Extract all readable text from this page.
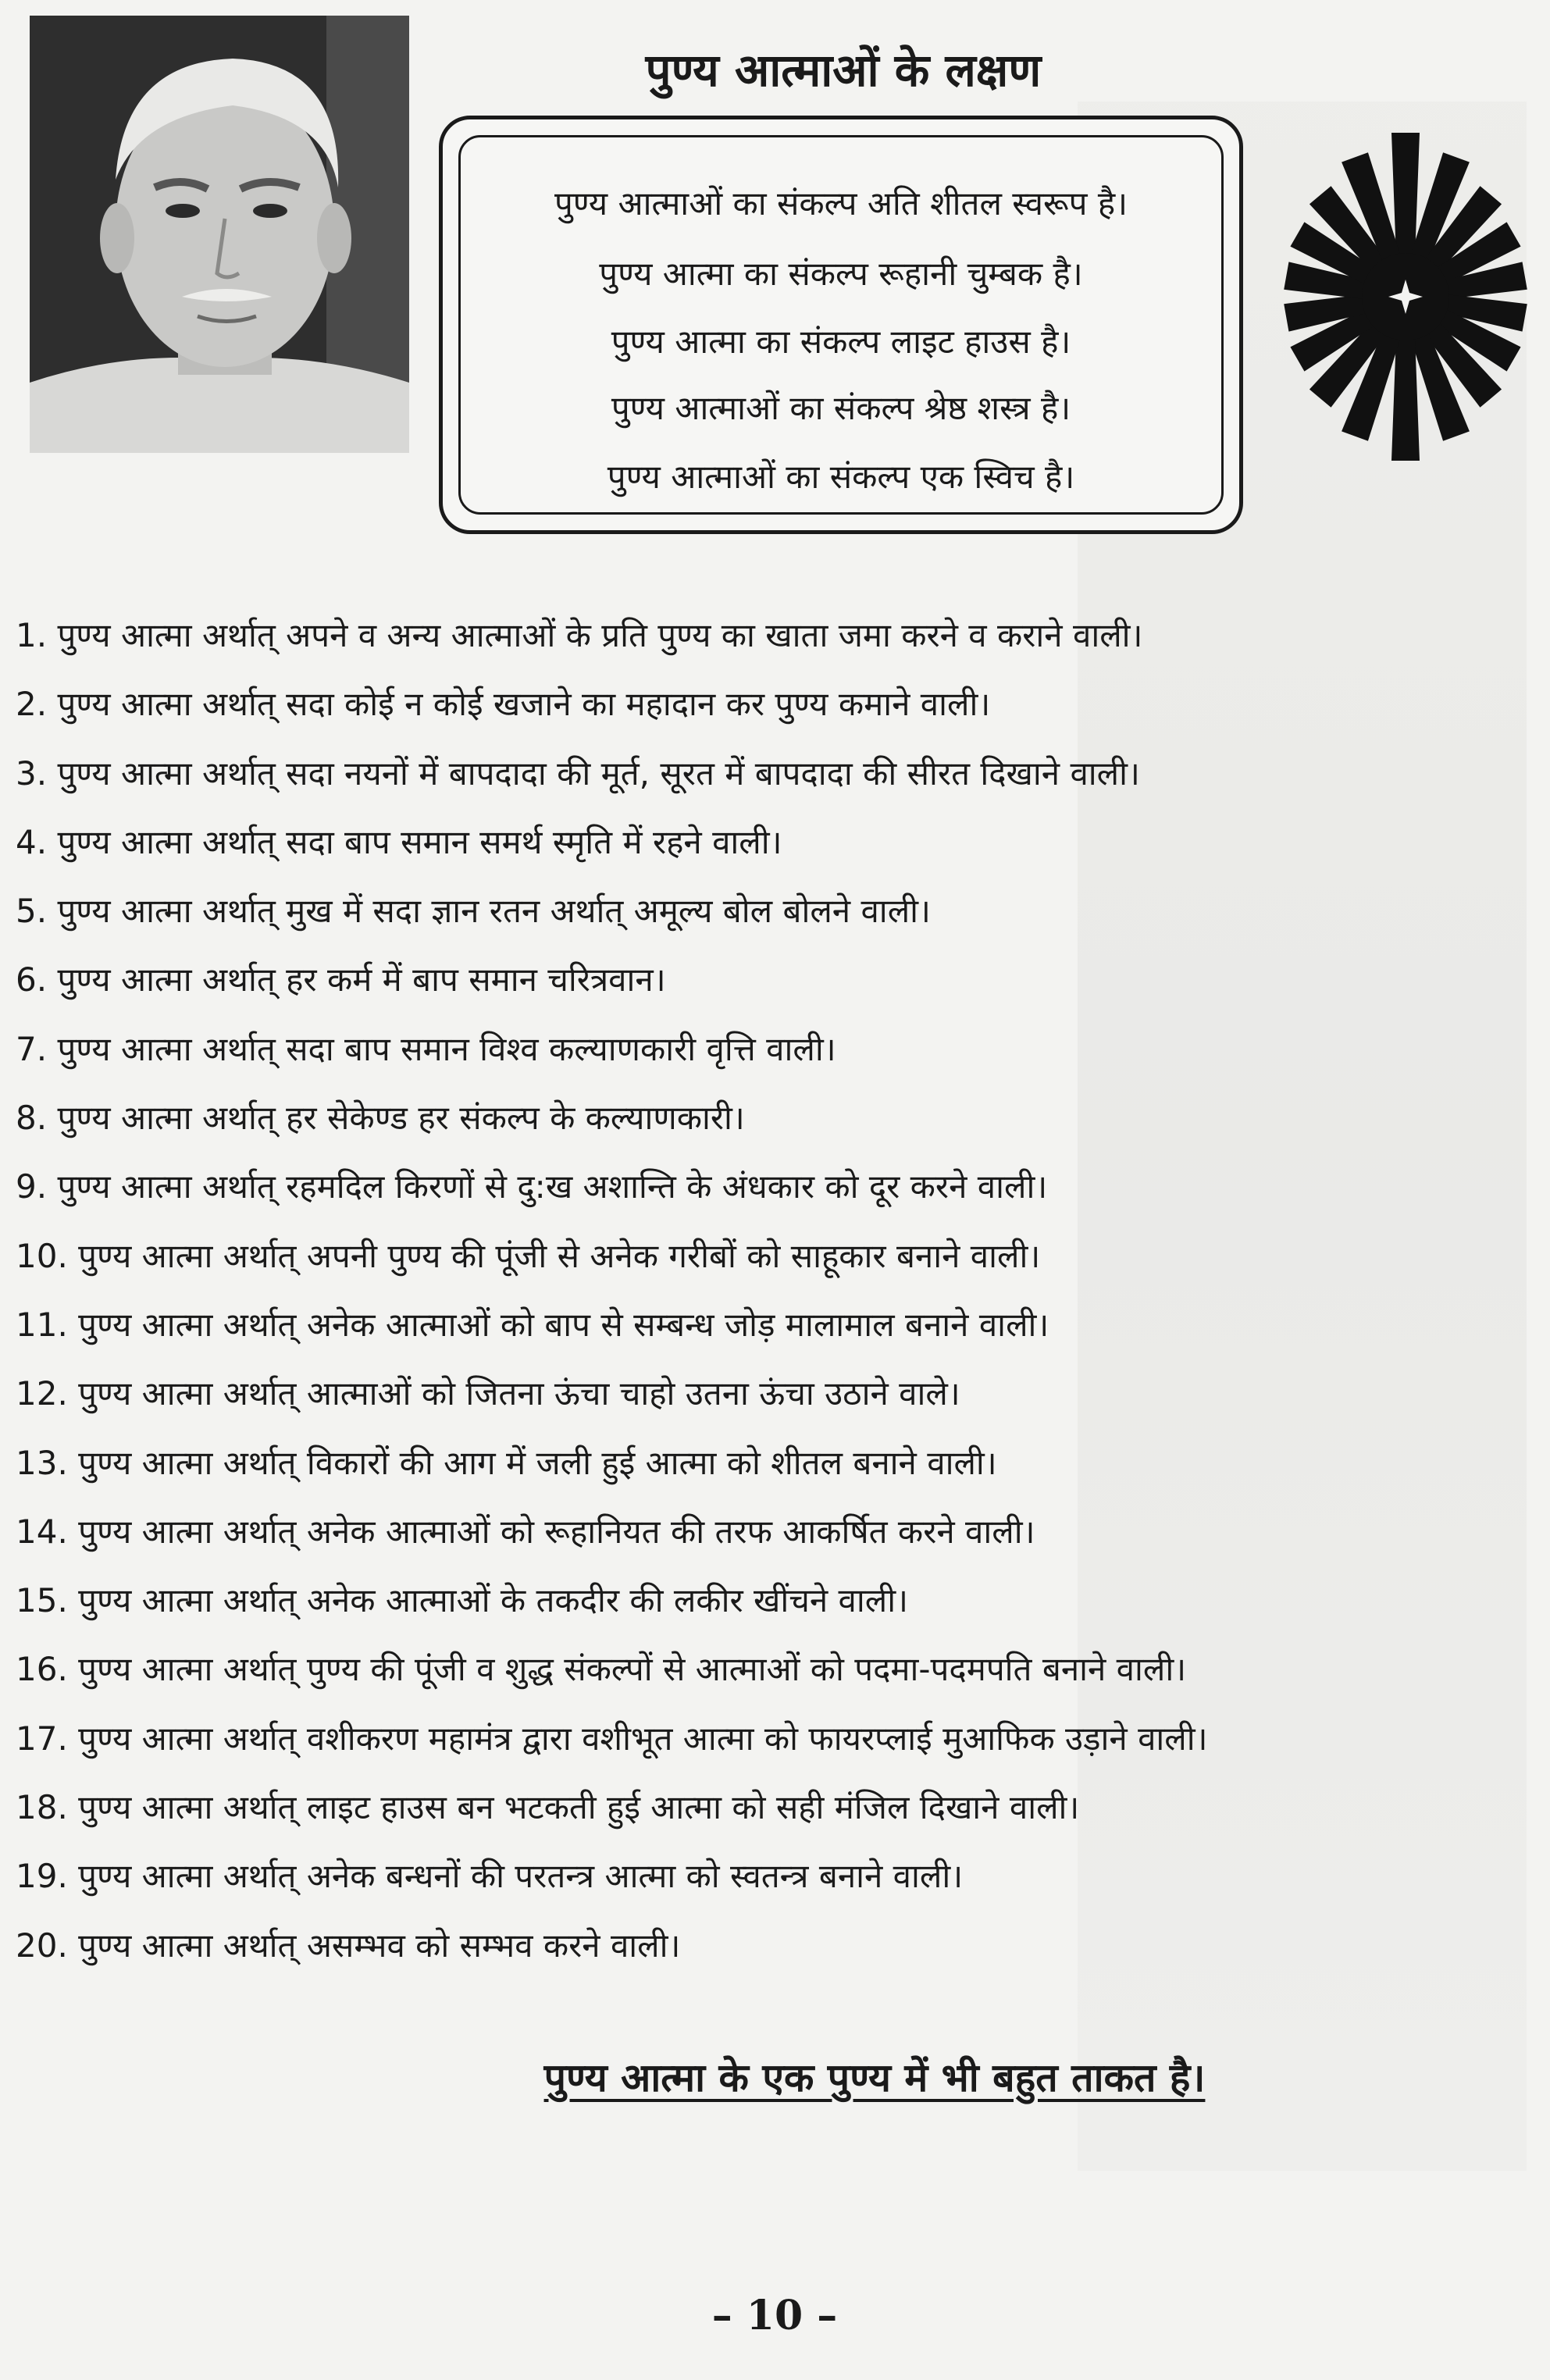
पुण्य आत्माओं के लक्षण
पुण्य आत्माओं का संकल्प अति शीतल स्वरूप है।
पुण्य आत्मा का संकल्प रूहानी चुम्बक है।
पुण्य आत्मा का संकल्प लाइट हाउस है।
पुण्य आत्माओं का संकल्प श्रेष्ठ शस्त्र है।
पुण्य आत्माओं का संकल्प एक स्विच है।
1. पुण्य आत्मा अर्थात् अपने व अन्य आत्माओं के प्रति पुण्य का खाता जमा करने व कराने वाली।
2. पुण्य आत्मा अर्थात् सदा कोई न कोई खजाने का महादान कर पुण्य कमाने वाली।
3. पुण्य आत्मा अर्थात् सदा नयनों में बापदादा की मूर्त, सूरत में बापदादा की सीरत दिखाने वाली।
4. पुण्य आत्मा अर्थात् सदा बाप समान समर्थ स्मृति में रहने वाली।
5. पुण्य आत्मा अर्थात् मुख में सदा ज्ञान रतन अर्थात् अमूल्य बोल बोलने वाली।
6. पुण्य आत्मा अर्थात् हर कर्म में बाप समान चरित्रवान।
7. पुण्य आत्मा अर्थात् सदा बाप समान विश्व कल्याणकारी वृत्ति वाली।
8. पुण्य आत्मा अर्थात् हर सेकेण्ड हर संकल्प के कल्याणकारी।
9. पुण्य आत्मा अर्थात् रहमदिल किरणों से दु:ख अशान्ति के अंधकार को दूर करने वाली।
10. पुण्य आत्मा अर्थात् अपनी पुण्य की पूंजी से अनेक गरीबों को साहूकार बनाने वाली।
11. पुण्य आत्मा अर्थात् अनेक आत्माओं को बाप से सम्बन्ध जोड़ मालामाल बनाने वाली।
12. पुण्य आत्मा अर्थात् आत्माओं को जितना ऊंचा चाहो उतना ऊंचा उठाने वाले।
13. पुण्य आत्मा अर्थात् विकारों की आग में जली हुई आत्मा को शीतल बनाने वाली।
14. पुण्य आत्मा अर्थात् अनेक आत्माओं को रूहानियत की तरफ आकर्षित करने वाली।
15. पुण्य आत्मा अर्थात् अनेक आत्माओं के तकदीर की लकीर खींचने वाली।
16. पुण्य आत्मा अर्थात् पुण्य की पूंजी व शुद्ध संकल्पों से आत्माओं को पदमा-पदमपति बनाने वाली।
17. पुण्य आत्मा अर्थात् वशीकरण महामंत्र द्वारा वशीभूत आत्मा को फायरप्लाई मुआफिक उड़ाने वाली।
18. पुण्य आत्मा अर्थात् लाइट हाउस बन भटकती हुई आत्मा को सही मंजिल दिखाने वाली।
19. पुण्य आत्मा अर्थात् अनेक बन्धनों की परतन्त्र आत्मा को स्वतन्त्र बनाने वाली।
20. पुण्य आत्मा अर्थात् असम्भव को सम्भव करने वाली।
पुण्य आत्मा के एक पुण्य में भी बहुत ताकत है।
– 10 –
